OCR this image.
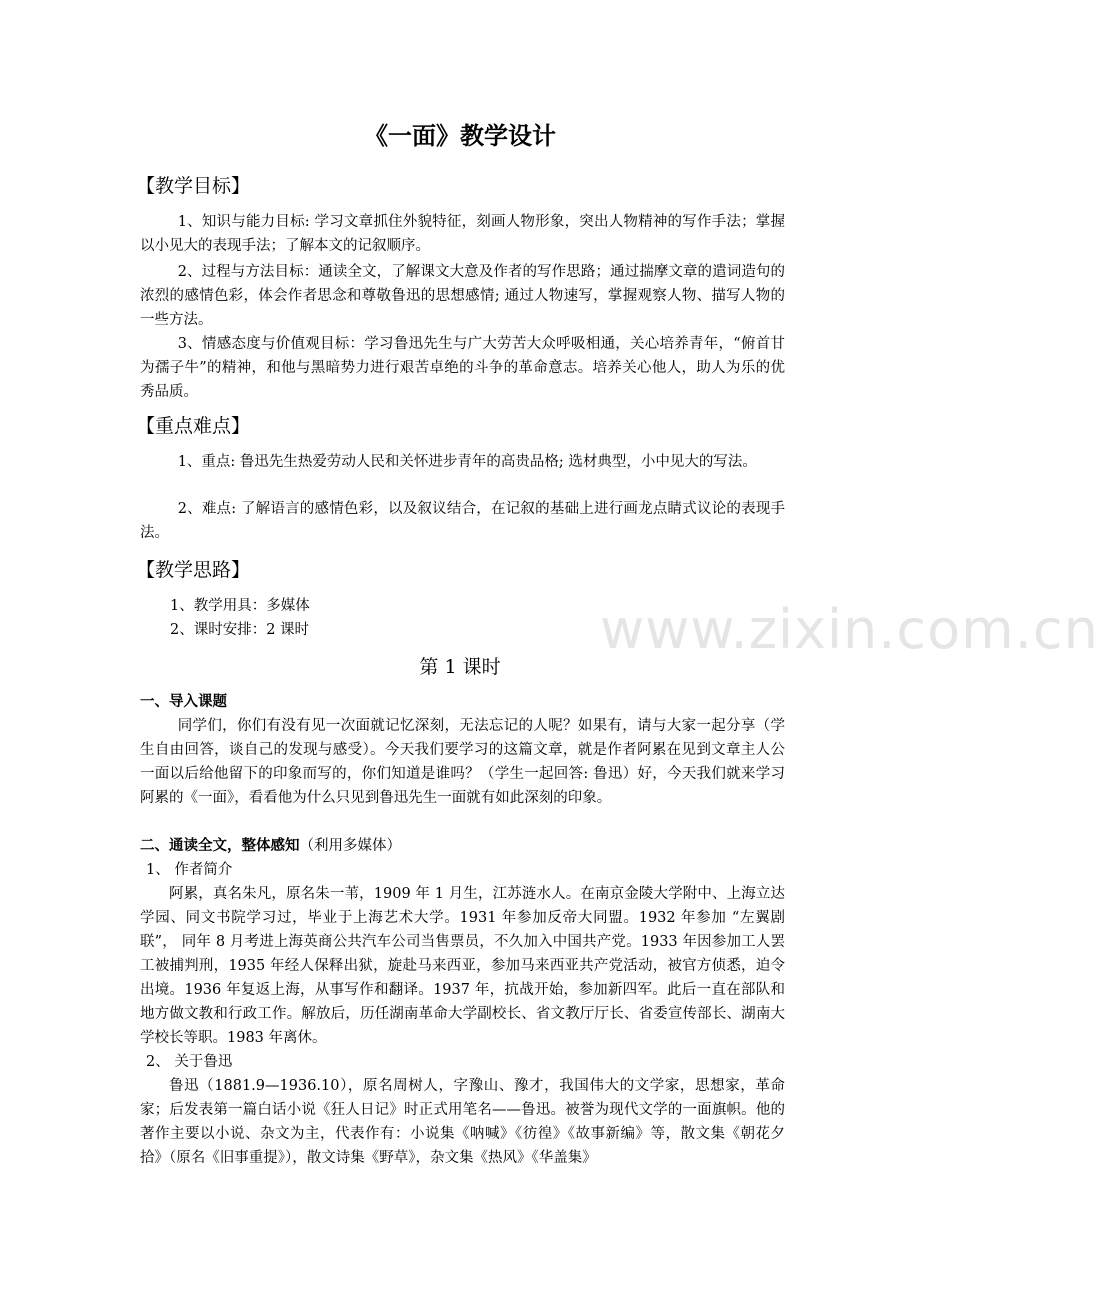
《一面》教学设计
【教学目标】
1、知识与能力目标: 学习文章抓住外貌特征，刻画人物形象，突出人物精神的写作手法；掌握以小见大的表现手法；了解本文的记叙顺序。
2、过程与方法目标：通读全文，了解课文大意及作者的写作思路；通过揣摩文章的遣词造句的浓烈的感情色彩，体会作者思念和尊敬鲁迅的思想感情; 通过人物速写，掌握观察人物、描写人物的一些方法。
3、情感态度与价值观目标：学习鲁迅先生与广大劳苦大众呼吸相通，关心培养青年，“俯首甘为孺子牛”的精神，和他与黑暗势力进行艰苦卓绝的斗争的革命意志。培养关心他人，助人为乐的优秀品质。
【重点难点】
1、重点: 鲁迅先生热爱劳动人民和关怀进步青年的高贵品格; 选材典型，小中见大的写法。
2、难点: 了解语言的感情色彩，以及叙议结合，在记叙的基础上进行画龙点睛式议论的表现手法。
【教学思路】
1、教学用具：多媒体
2、课时安排：2 课时	www.zixin.com.cn
第 1 课时
一、导入课题
同学们，你们有没有见一次面就记忆深刻，无法忘记的人呢？如果有，请与大家一起分享（学生自由回答，谈自己的发现与感受）。今天我们要学习的这篇文章，就是作者阿累在见到文章主人公一面以后给他留下的印象而写的，你们知道是谁吗？（学生一起回答: 鲁迅）好，今天我们就来学习阿累的《一面》，看看他为什么只见到鲁迅先生一面就有如此深刻的印象。
二、通读全文，整体感知（利用多媒体）
1、 作者简介
阿累，真名朱凡，原名朱一苇，1909 年 1 月生，江苏涟水人。在南京金陵大学附中、上海立达学园、同文书院学习过，毕业于上海艺术大学。1931 年参加反帝大同盟。1932 年参加 “左翼剧联”， 同年 8 月考进上海英商公共汽车公司当售票员，不久加入中国共产党。1933 年因参加工人罢工被捕判刑，1935 年经人保释出狱，旋赴马来西亚，参加马来西亚共产党活动，被官方侦悉，迫令出境。1936 年复返上海，从事写作和翻译。1937 年，抗战开始，参加新四军。此后一直在部队和地方做文教和行政工作。解放后，历任湖南革命大学副校长、省文教厅厅长、省委宣传部长、湖南大学校长等职。1983 年离休。
2、 关于鲁迅
鲁迅（1881.9—1936.10），原名周树人，字豫山、豫才，我国伟大的文学家，思想家，革命家；后发表第一篇白话小说《狂人日记》时正式用笔名——鲁迅。被誉为现代文学的一面旗帜。他的著作主要以小说、杂文为主，代表作有：小说集《呐喊》《彷徨》《故事新编》等，散文集《朝花夕拾》（原名《旧事重提》），散文诗集《野草》，杂文集《热风》《华盖集》
